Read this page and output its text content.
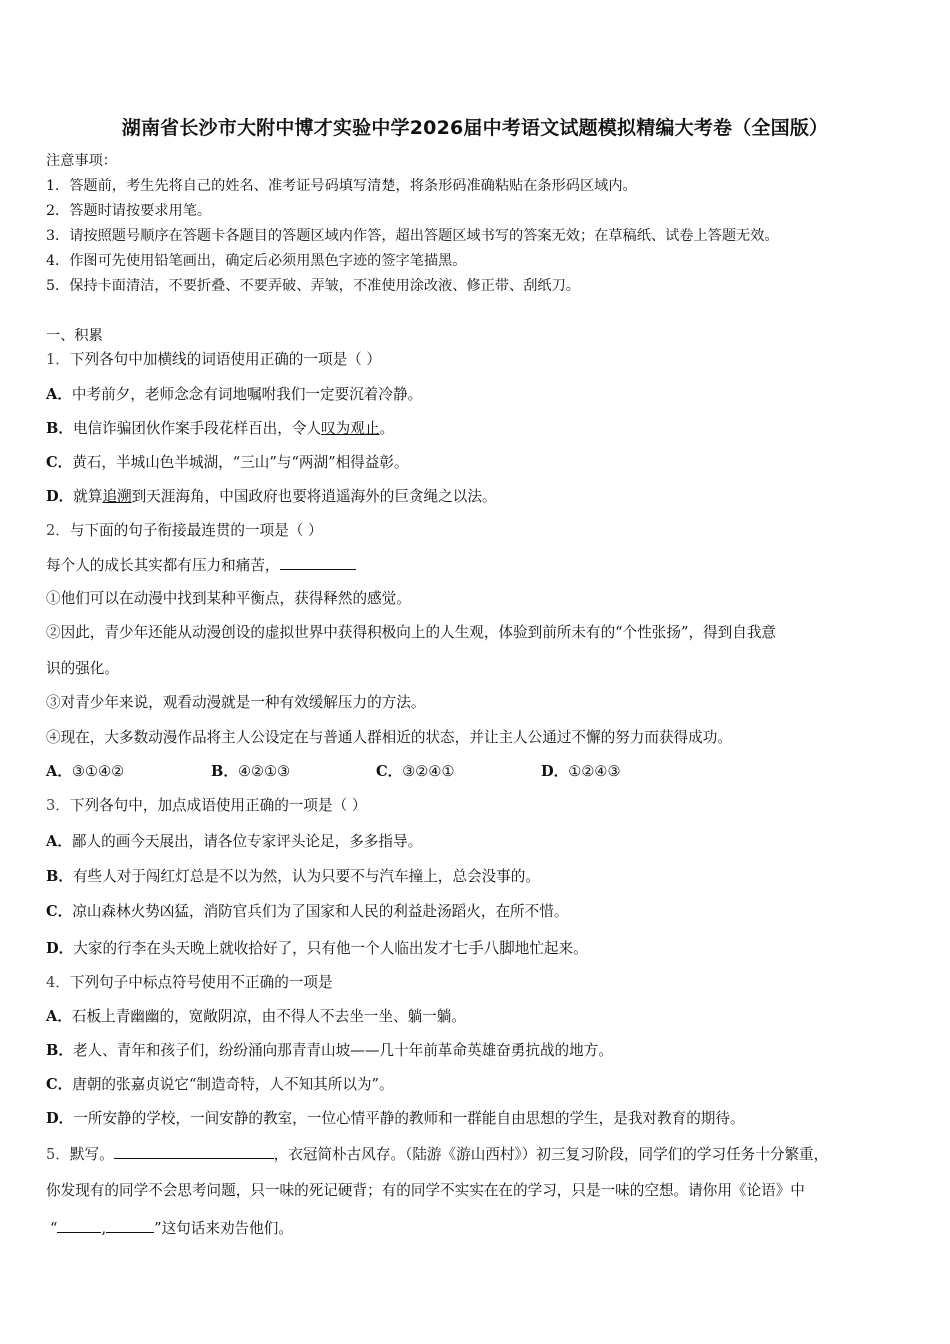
湖南省长沙市大附中博才实验中学2026届中考语文试题模拟精编大考卷（全国版）
注意事项：
1．答题前，考生先将自己的姓名、准考证号码填写清楚，将条形码准确粘贴在条形码区域内。
2．答题时请按要求用笔。
3．请按照题号顺序在答题卡各题目的答题区域内作答，超出答题区域书写的答案无效；在草稿纸、试卷上答题无效。
4．作图可先使用铅笔画出，确定后必须用黑色字迹的签字笔描黑。
5．保持卡面清洁，不要折叠、不要弄破、弄皱，不准使用涂改液、修正带、刮纸刀。
一、积累
1．下列各句中加横线的词语使用正确的一项是（ ）
A．中考前夕，老师念念有词地嘱咐我们一定要沉着冷静。
B．电信诈骗团伙作案手段花样百出，令人叹为观止。
C．黄石，半城山色半城湖，“三山”与“两湖”相得益彰。
D．就算追溯到天涯海角，中国政府也要将逍遥海外的巨贪绳之以法。
2．与下面的句子衔接最连贯的一项是（ ）
每个人的成长其实都有压力和痛苦，
①他们可以在动漫中找到某种平衡点，获得释然的感觉。
②因此，青少年还能从动漫创设的虚拟世界中获得积极向上的人生观，体验到前所未有的“个性张扬”，得到自我意
识的强化。
③对青少年来说，观看动漫就是一种有效缓解压力的方法。
④现在，大多数动漫作品将主人公设定在与普通人群相近的状态，并让主人公通过不懈的努力而获得成功。
A．③①④②	B．④②①③	C．③②④①	D．①②④③
3．下列各句中，加点成语使用正确的一项是（ ）
A．鄙人的画今天展出，请各位专家评头论足，多多指导。
B．有些人对于闯红灯总是不以为然，认为只要不与汽车撞上，总会没事的。
C．凉山森林火势凶猛，消防官兵们为了国家和人民的利益赴汤蹈火，在所不惜。
D．大家的行李在头天晚上就收拾好了，只有他一个人临出发才七手八脚地忙起来。
4．下列句子中标点符号使用不正确的一项是
A．石板上青幽幽的，宽敞阴凉，由不得人不去坐一坐、躺一躺。
B．老人、青年和孩子们，纷纷涌向那青青山坡——几十年前革命英雄奋勇抗战的地方。
C．唐朝的张嘉贞说它“制造奇特，人不知其所以为”。
D．一所安静的学校，一间安静的教室，一位心情平静的教师和一群能自由思想的学生，是我对教育的期待。
5．默写。	，衣冠简朴古风存。（陆游《游山西村》）初三复习阶段，同学们的学习任务十分繁重，
你发现有的同学不会思考问题，只一味的死记硬背；有的同学不实实在在的学习，只是一味的空想。请你用《论语》中
“	,	”这句话来劝告他们。
